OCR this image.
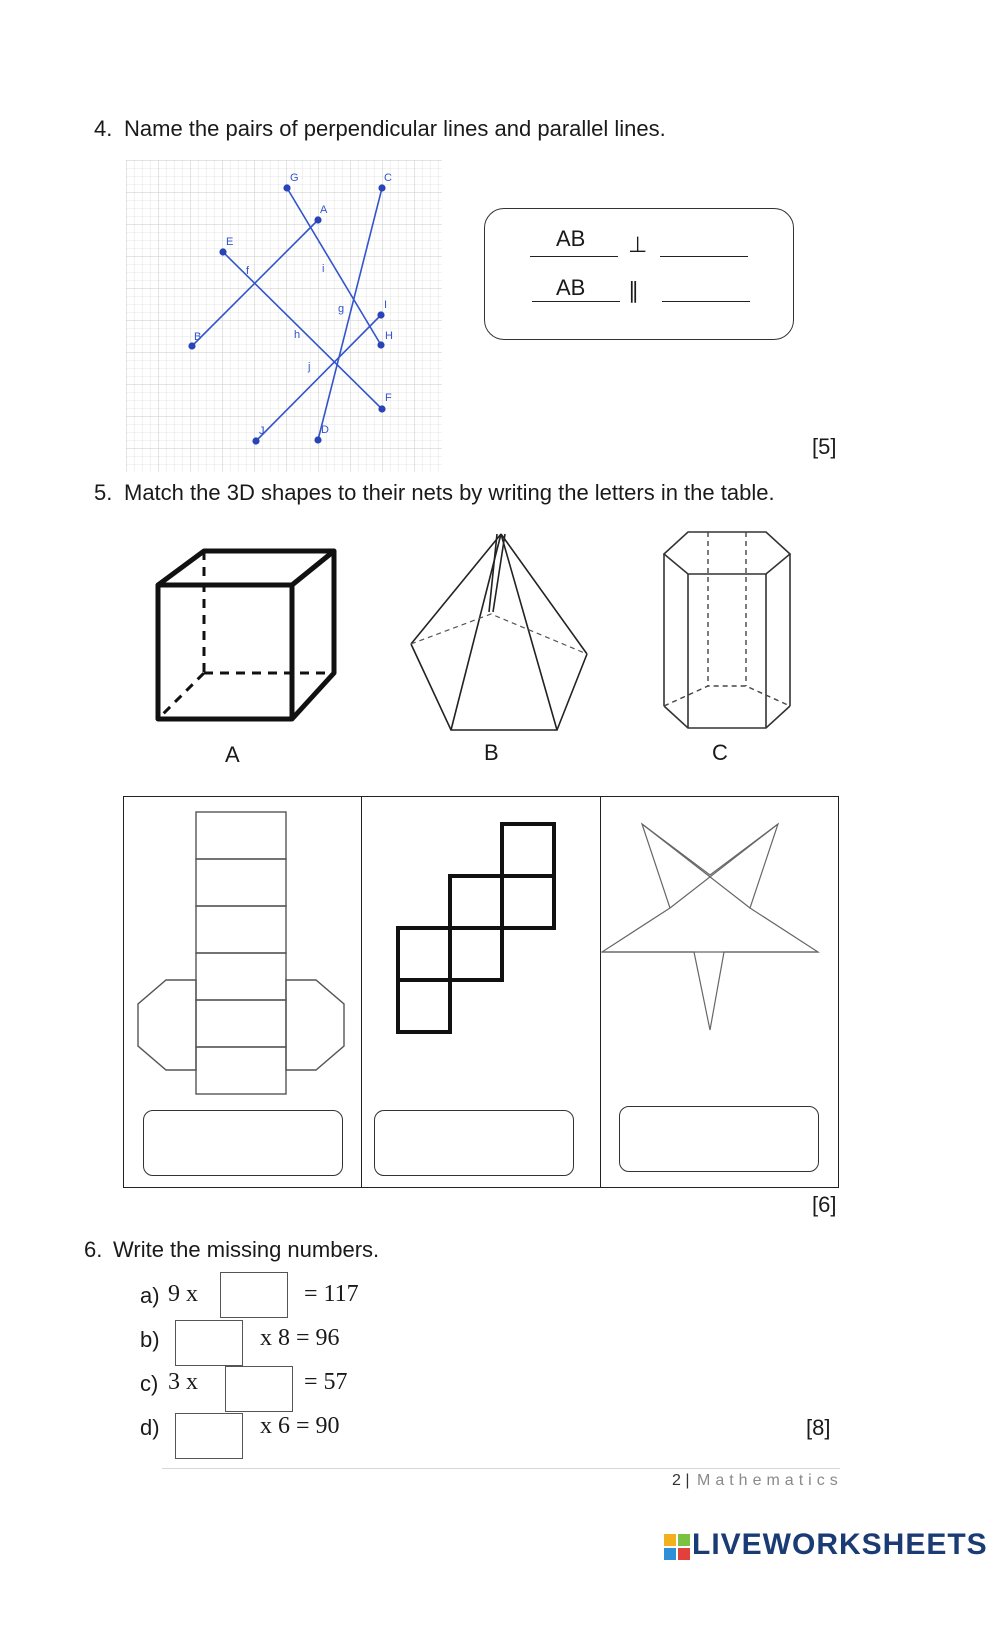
4. Name the pairs of perpendicular lines and parallel lines.
G	C
A
E
f	i
g	I
B	h	H
j
F
J	D
AB ⊥
AB ∥
[5]
5. Match the 3D shapes to their nets by writing the letters in the table.
A	B	C
[6]
6. Write the missing numbers.
a) 9 x	= 117
b)	x 8 = 96
c) 3 x	= 57
d)	x 6 = 90	[8]
2 | Mathematics
LIVEWORKSHEETS
